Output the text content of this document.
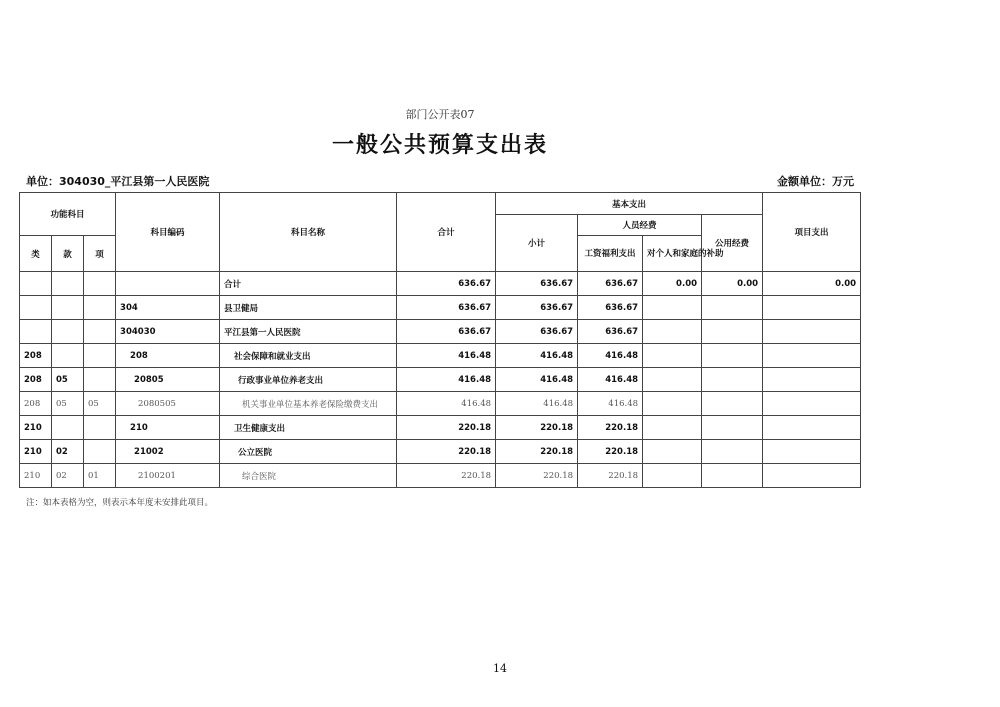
部门公开表07
一般公共预算支出表
单位：304030_平江县第一人民医院	金额单位：万元
功能科目			科目编码	科目名称	合计	基本支出				项目支出
						小计	人员经费		公用经费	
类	款	项					工资福利支出	对个人和家庭的补助		
				合计	636.67	636.67	636.67	0.00	0.00	0.00
			304	县卫健局	636.67	636.67	636.67			
			304030	平江县第一人民医院	636.67	636.67	636.67			
208			208	社会保障和就业支出	416.48	416.48	416.48			
208	05		20805	行政事业单位养老支出	416.48	416.48	416.48			
208	05	05	2080505	机关事业单位基本养老保险缴费支出	416.48	416.48	416.48			
210			210	卫生健康支出	220.18	220.18	220.18			
210	02		21002	公立医院	220.18	220.18	220.18			
210	02	01	2100201	综合医院	220.18	220.18	220.18			
注：如本表格为空，则表示本年度未安排此项目。
14
